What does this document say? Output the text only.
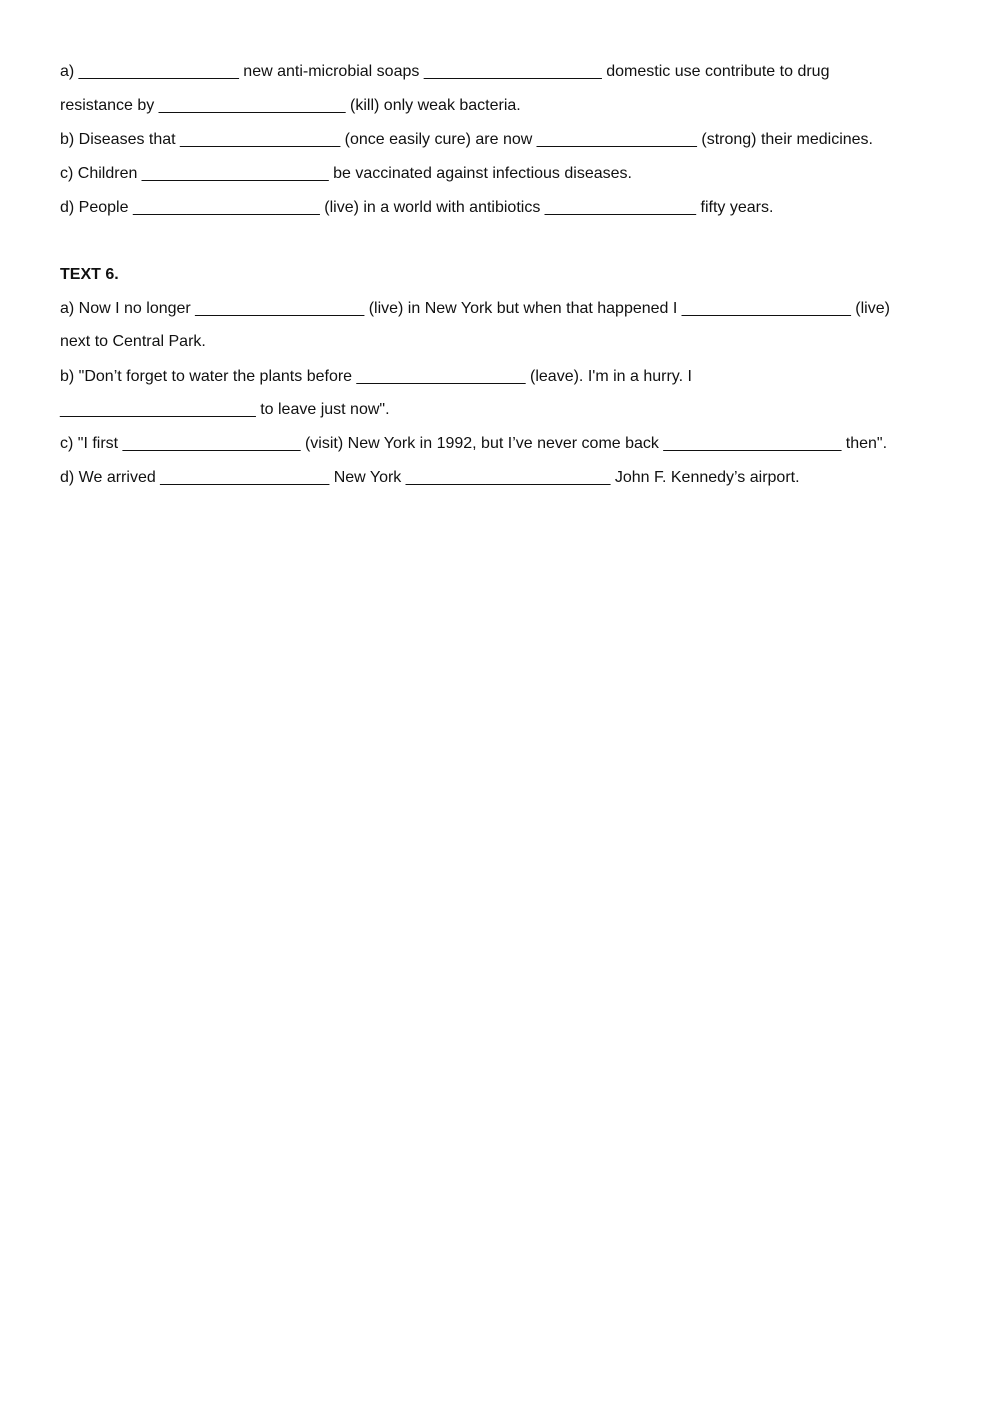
a) __________________ new anti-microbial soaps ____________________ domestic use contribute to drug
resistance by _____________________ (kill) only weak bacteria.
b) Diseases that __________________ (once easily cure) are now __________________ (strong) their medicines.
c) Children _____________________ be vaccinated against infectious diseases.
d) People _____________________ (live) in a world with antibiotics _________________ fifty years.
TEXT 6.
a) Now I no longer ___________________ (live) in New York but when that happened I ___________________ (live)
next to Central Park.
b) "Don’t forget to water the plants before ___________________ (leave). I'm in a hurry. I
______________________ to leave just now".
c) "I first ____________________ (visit) New York in 1992, but I’ve never come back ____________________ then".
d) We arrived ___________________ New York _______________________ John F. Kennedy’s airport.
